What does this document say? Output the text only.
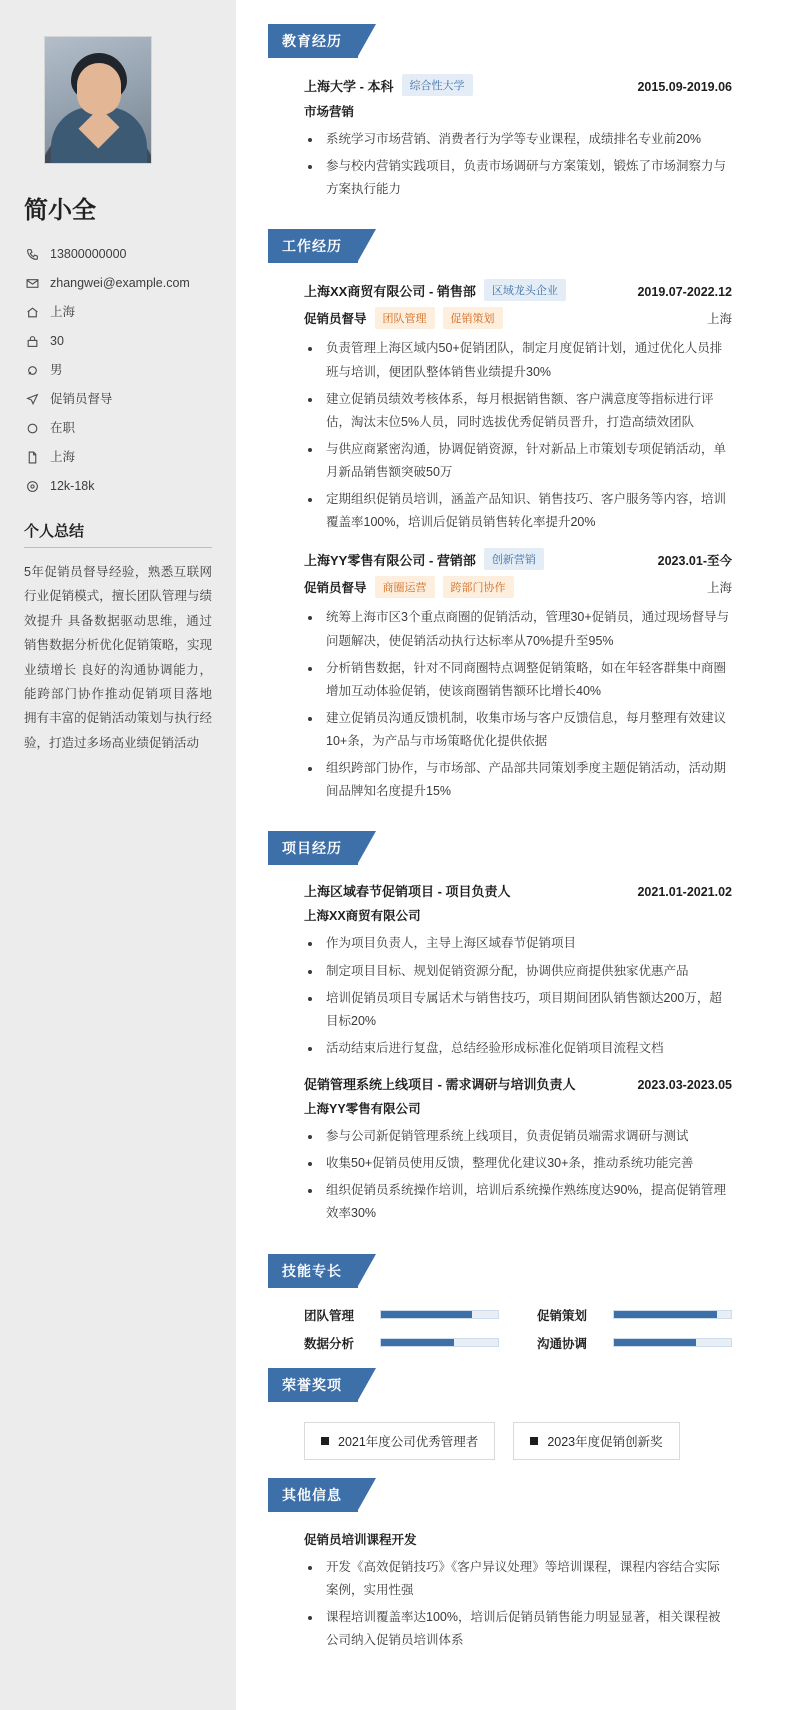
简小全
13800000000
zhangwei@example.com
上海
30
男
促销员督导
在职
上海
12k-18k
个人总结
5年促销员督导经验，熟悉互联网行业促销模式，擅长团队管理与绩效提升 具备数据驱动思维，通过销售数据分析优化促销策略，实现业绩增长 良好的沟通协调能力，能跨部门协作推动促销项目落地 拥有丰富的促销活动策划与执行经验，打造过多场高业绩促销活动
教育经历
上海大学 - 本科	综合性大学	2015.09-2019.06
市场营销
• 系统学习市场营销、消费者行为学等专业课程，成绩排名专业前20%
• 参与校内营销实践项目，负责市场调研与方案策划，锻炼了市场洞察力与方案执行能力
工作经历
上海XX商贸有限公司 - 销售部	区域龙头企业	2019.07-2022.12
促销员督导	团队管理	促销策划	上海
• 负责管理上海区域内50+促销团队，制定月度促销计划，通过优化人员排班与培训，便团队整体销售业绩提升30%
• 建立促销员绩效考核体系，每月根据销售额、客户满意度等指标进行评估，淘汰末位5%人员，同时选拔优秀促销员晋升，打造高绩效团队
• 与供应商紧密沟通，协调促销资源，针对新品上市策划专项促销活动，单月新品销售额突破50万
• 定期组织促销员培训，涵盖产品知识、销售技巧、客户服务等内容，培训覆盖率100%，培训后促销员销售转化率提升20%
上海YY零售有限公司 - 营销部	创新营销	2023.01-至今
促销员督导	商圈运营	跨部门协作	上海
• 统筹上海市区3个重点商圈的促销活动，管理30+促销员，通过现场督导与问题解决，使促销活动执行达标率从70%提升至95%
• 分析销售数据，针对不同商圈特点调整促销策略，如在年轻客群集中商圈增加互动体验促销，使该商圈销售额环比增长40%
• 建立促销员沟通反馈机制，收集市场与客户反馈信息，每月整理有效建议10+条，为产品与市场策略优化提供依据
• 组织跨部门协作，与市场部、产品部共同策划季度主题促销活动，活动期间品牌知名度提升15%
项目经历
上海区域春节促销项目 - 项目负责人	2021.01-2021.02
上海XX商贸有限公司
• 作为项目负责人，主导上海区域春节促销项目
• 制定项目目标、规划促销资源分配，协调供应商提供独家优惠产品
• 培训促销员项目专属话术与销售技巧，项目期间团队销售额达200万，超目标20%
• 活动结束后进行复盘，总结经验形成标准化促销项目流程文档
促销管理系统上线项目 - 需求调研与培训负责人	2023.03-2023.05
上海YY零售有限公司
• 参与公司新促销管理系统上线项目，负责促销员端需求调研与测试
• 收集50+促销员使用反馈，整理优化建议30+条，推动系统功能完善
• 组织促销员系统操作培训，培训后系统操作熟练度达90%，提高促销管理效率30%
技能专长
团队管理	促销策划
数据分析	沟通协调
荣誉奖项
2021年度公司优秀管理者	2023年度促销创新奖
其他信息
促销员培训课程开发
• 开发《高效促销技巧》《客户异议处理》等培训课程，课程内容结合实际案例，实用性强
• 课程培训覆盖率达100%，培训后促销员销售能力明显显著，相关课程被公司纳入促销员培训体系
